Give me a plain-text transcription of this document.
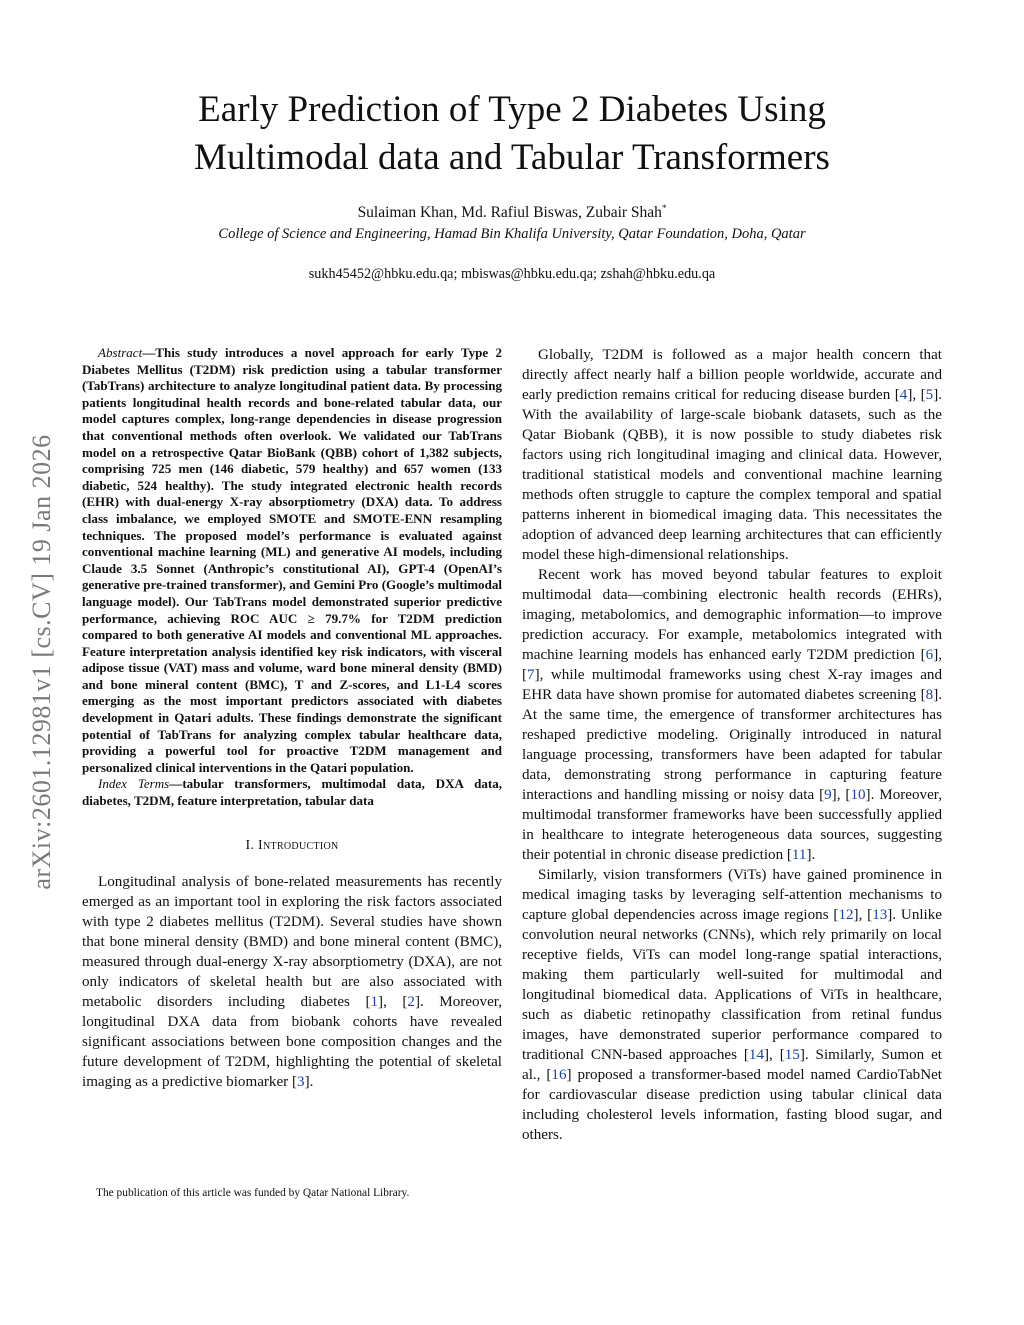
arXiv:2601.12981v1 [cs.CV] 19 Jan 2026
Early Prediction of Type 2 Diabetes Using
Multimodal data and Tabular Transformers
Sulaiman Khan, Md. Rafiul Biswas, Zubair Shah*
College of Science and Engineering, Hamad Bin Khalifa University, Qatar Foundation, Doha, Qatar
sukh45452@hbku.edu.qa; mbiswas@hbku.edu.qa; zshah@hbku.edu.qa

Abstract—This study introduces a novel approach for early Type 2 Diabetes Mellitus (T2DM) risk prediction using a tabular transformer (TabTrans) architecture to analyze longitudinal patient data. By processing patients longitudinal health records and bone-related tabular data, our model captures complex, long-range dependencies in disease progression that conventional methods often overlook. We validated our TabTrans model on a retrospective Qatar BioBank (QBB) cohort of 1,382 subjects, comprising 725 men (146 diabetic, 579 healthy) and 657 women (133 diabetic, 524 healthy). The study integrated electronic health records (EHR) with dual-energy X-ray absorptiometry (DXA) data. To address class imbalance, we employed SMOTE and SMOTE-ENN resampling techniques. The proposed model’s performance is evaluated against conventional machine learning (ML) and generative AI models, including Claude 3.5 Sonnet (Anthropic’s constitutional AI), GPT-4 (OpenAI’s generative pre-trained transformer), and Gemini Pro (Google’s multimodal language model). Our TabTrans model demonstrated superior predictive performance, achieving ROC AUC ≥ 79.7% for T2DM prediction compared to both generative AI models and conventional ML approaches. Feature interpretation analysis identified key risk indicators, with visceral adipose tissue (VAT) mass and volume, ward bone mineral density (BMD) and bone mineral content (BMC), T and Z-scores, and L1-L4 scores emerging as the most important predictors associated with diabetes development in Qatari adults. These findings demonstrate the significant potential of TabTrans for analyzing complex tabular healthcare data, providing a powerful tool for proactive T2DM management and personalized clinical interventions in the Qatari population.

Index Terms—tabular transformers, multimodal data, DXA data, diabetes, T2DM, feature interpretation, tabular data

I. Introduction

Longitudinal analysis of bone-related measurements has recently emerged as an important tool in exploring the risk factors associated with type 2 diabetes mellitus (T2DM). Several studies have shown that bone mineral density (BMD) and bone mineral content (BMC), measured through dual-energy X-ray absorptiometry (DXA), are not only indicators of skeletal health but are also associated with metabolic disorders including diabetes [1], [2]. Moreover, longitudinal DXA data from biobank cohorts have revealed significant associations between bone composition changes and the future development of T2DM, highlighting the potential of skeletal imaging as a predictive biomarker [3].

The publication of this article was funded by Qatar National Library.

Globally, T2DM is followed as a major health concern that directly affect nearly half a billion people worldwide, accurate and early prediction remains critical for reducing disease burden [4], [5]. With the availability of large-scale biobank datasets, such as the Qatar Biobank (QBB), it is now possible to study diabetes risk factors using rich longitudinal imaging and clinical data. However, traditional statistical models and conventional machine learning methods often struggle to capture the complex temporal and spatial patterns inherent in biomedical imaging data. This necessitates the adoption of advanced deep learning architectures that can efficiently model these high-dimensional relationships.

Recent work has moved beyond tabular features to exploit multimodal data—combining electronic health records (EHRs), imaging, metabolomics, and demographic information—to improve prediction accuracy. For example, metabolomics integrated with machine learning models has enhanced early T2DM prediction [6], [7], while multimodal frameworks using chest X-ray images and EHR data have shown promise for automated diabetes screening [8]. At the same time, the emergence of transformer architectures has reshaped predictive modeling. Originally introduced in natural language processing, transformers have been adapted for tabular data, demonstrating strong performance in capturing feature interactions and handling missing or noisy data [9], [10]. Moreover, multimodal transformer frameworks have been successfully applied in healthcare to integrate heterogeneous data sources, suggesting their potential in chronic disease prediction [11].

Similarly, vision transformers (ViTs) have gained prominence in medical imaging tasks by leveraging self-attention mechanisms to capture global dependencies across image regions [12], [13]. Unlike convolution neural networks (CNNs), which rely primarily on local receptive fields, ViTs can model long-range spatial interactions, making them particularly well-suited for multimodal and longitudinal biomedical data. Applications of ViTs in healthcare, such as diabetic retinopathy classification from retinal fundus images, have demonstrated superior performance compared to traditional CNN-based approaches [14], [15]. Similarly, Sumon et al., [16] proposed a transformer-based model named CardioTabNet for cardiovascular disease prediction using tabular clinical data including cholesterol levels information, fasting blood sugar, and others.
